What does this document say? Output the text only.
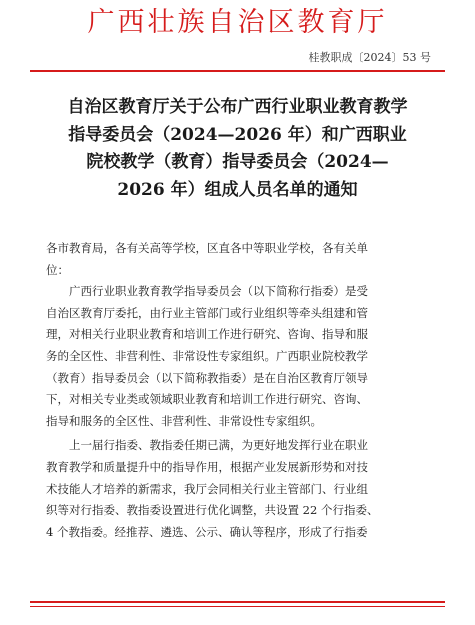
广西壮族自治区教育厅
桂教职成〔2024〕53 号
自治区教育厅关于公布广西行业职业教育教学
指导委员会（2024—2026 年）和广西职业
院校教学（教育）指导委员会（2024—
2026 年）组成人员名单的通知
各市教育局，各有关高等学校，区直各中等职业学校，各有关单
位：
广西行业职业教育教学指导委员会（以下简称行指委）是受
自治区教育厅委托，由行业主管部门或行业组织等牵头组建和管
理，对相关行业职业教育和培训工作进行研究、咨询、指导和服
务的全区性、非营利性、非常设性专家组织。广西职业院校教学
（教育）指导委员会（以下简称教指委）是在自治区教育厅领导
下，对相关专业类或领域职业教育和培训工作进行研究、咨询、
指导和服务的全区性、非营利性、非常设性专家组织。
上一届行指委、教指委任期已满，为更好地发挥行业在职业
教育教学和质量提升中的指导作用，根据产业发展新形势和对技
术技能人才培养的新需求，我厅会同相关行业主管部门、行业组
织等对行指委、教指委设置进行优化调整，共设置 22 个行指委、
4 个教指委。经推荐、遴选、公示、确认等程序，形成了行指委
